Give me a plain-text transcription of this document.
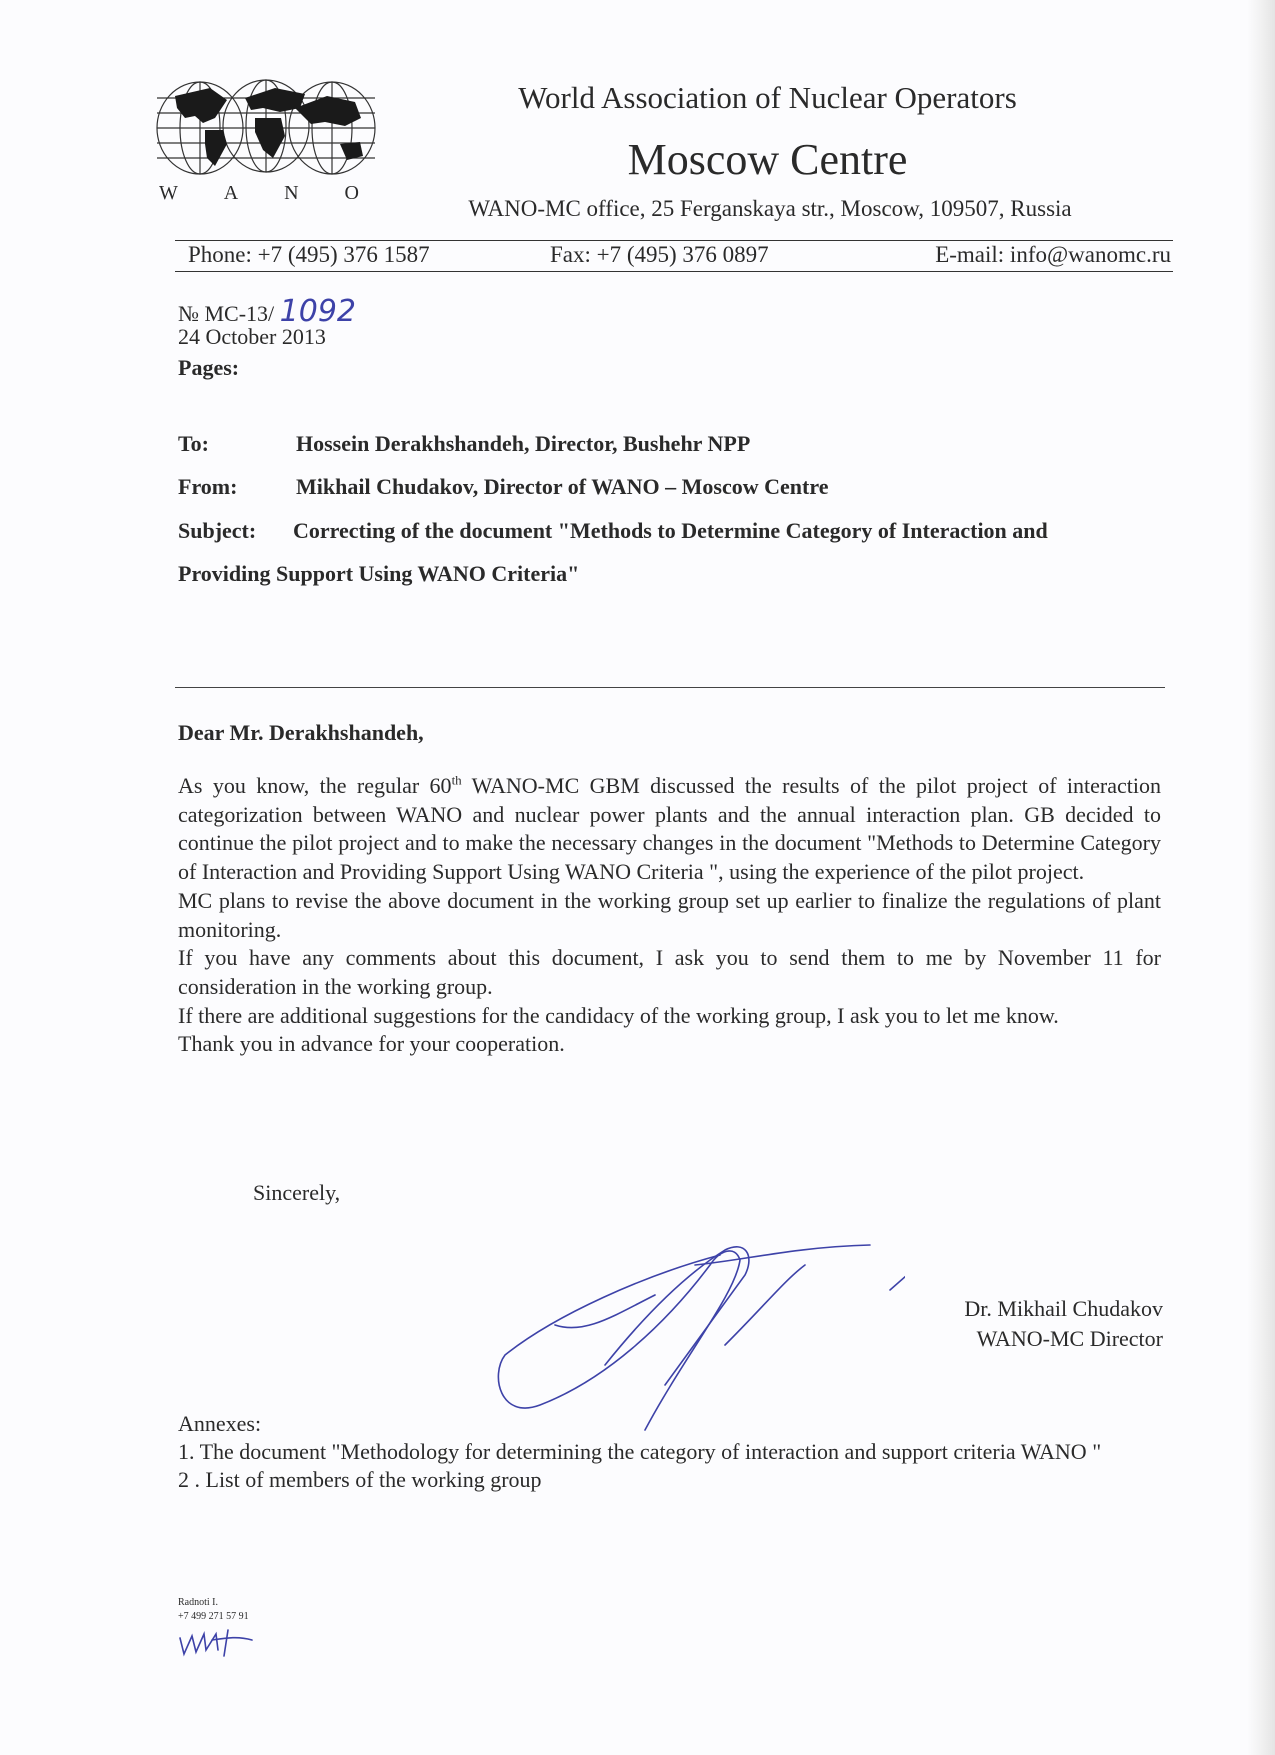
W A N O
World Association of Nuclear Operators
Moscow Centre
WANO-MC office, 25 Ferganskaya str., Moscow, 109507, Russia
Phone: +7 (495) 376 1587	Fax: +7 (495) 376 0897	E-mail: info@wanomc.ru
№ MC-13/ 1092
24 October 2013
Pages:
To:	Hossein Derakhshandeh, Director, Bushehr NPP
From:	Mikhail Chudakov, Director of WANO – Moscow Centre
Subject: Correcting of the document "Methods to Determine Category of Interaction and
Providing Support Using WANO Criteria"
Dear Mr. Derakhshandeh,

As you know, the regular 60th WANO-MC GBM discussed the results of the pilot project of interaction categorization between WANO and nuclear power plants and the annual interaction plan. GB decided to continue the pilot project and to make the necessary changes in the document "Methods to Determine Category of Interaction and Providing Support Using WANO Criteria ", using the experience of the pilot project.

MC plans to revise the above document in the working group set up earlier to finalize the regulations of plant monitoring.

If you have any comments about this document, I ask you to send them to me by November 11 for consideration in the working group.

If there are additional suggestions for the candidacy of the working group, I ask you to let me know.

Thank you in advance for your cooperation.

Sincerely,
Dr. Mikhail Chudakov
WANO-MC Director

Annexes:

1. The document "Methodology for determining the category of interaction and support criteria WANO "

2 . List of members of the working group

Radnoti I.
+7 499 271 57 91
